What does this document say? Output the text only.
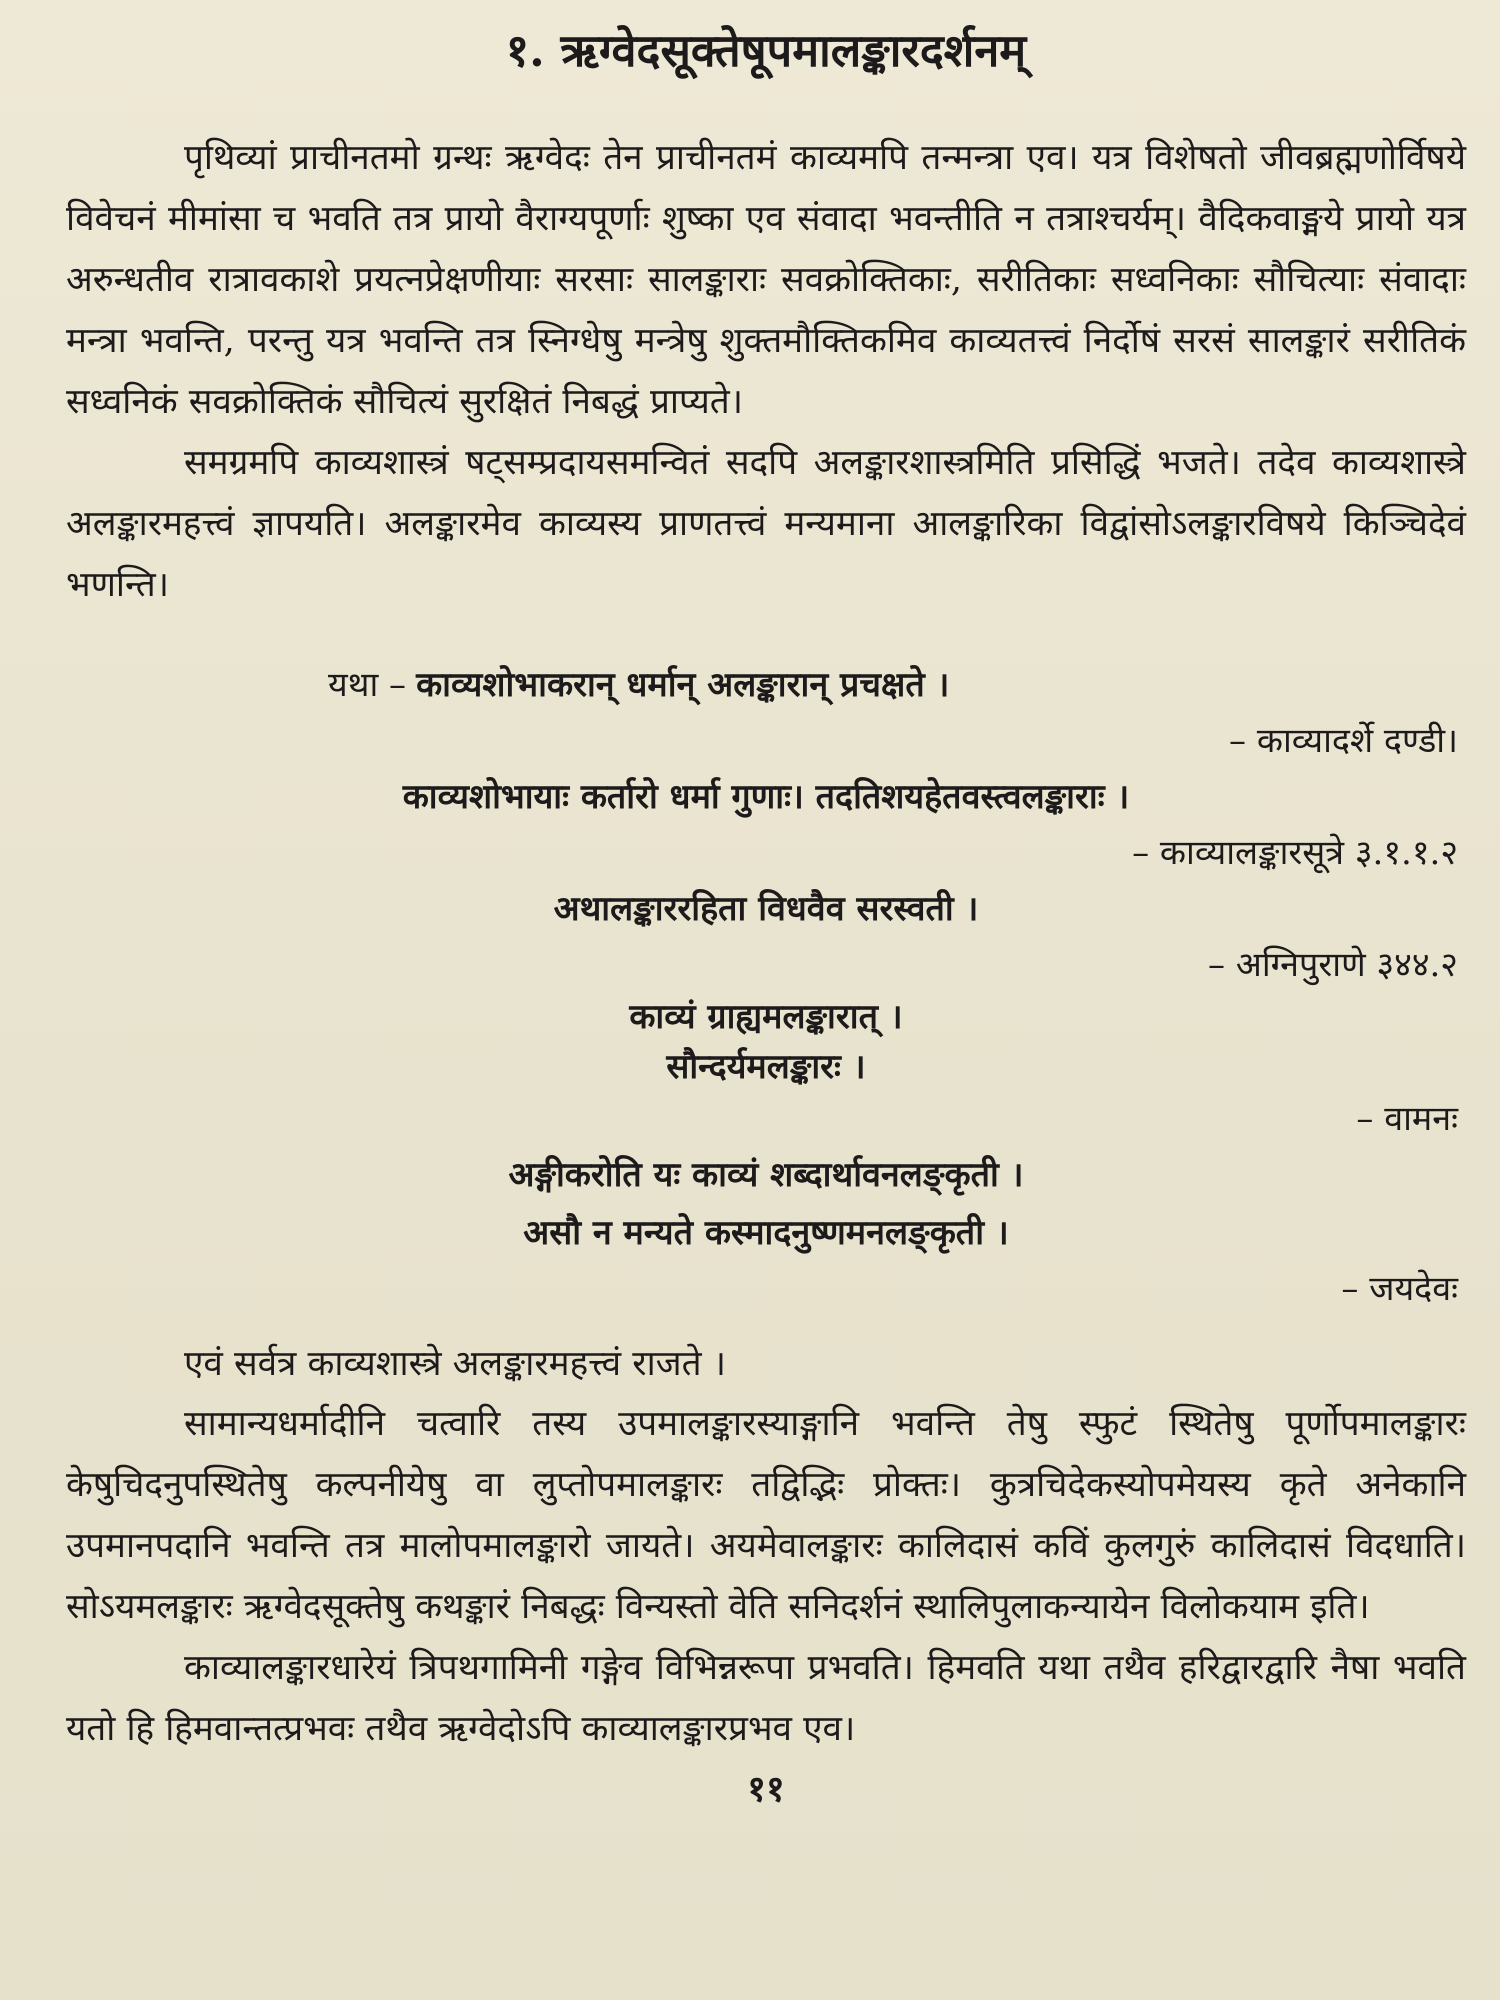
१. ऋग्वेदसूक्तेषूपमालङ्कारदर्शनम्

पृथिव्यां प्राचीनतमो ग्रन्थः ऋग्वेदः तेन प्राचीनतमं काव्यमपि तन्मन्त्रा एव। यत्र विशेषतो जीवब्रह्मणोर्विषये विवेचनं मीमांसा च भवति तत्र प्रायो वैराग्यपूर्णाः शुष्का एव संवादा भवन्तीति न तत्राश्चर्यम्। वैदिकवाङ्मये प्रायो यत्र अरुन्धतीव रात्रावकाशे प्रयत्नप्रेक्षणीयाः सरसाः सालङ्काराः सवक्रोक्तिकाः, सरीतिकाः सध्वनिकाः सौचित्याः संवादाः मन्त्रा भवन्ति, परन्तु यत्र भवन्ति तत्र स्निग्धेषु मन्त्रेषु शुक्तमौक्तिकमिव काव्यतत्त्वं निर्दोषं सरसं सालङ्कारं सरीतिकं सध्वनिकं सवक्रोक्तिकं सौचित्यं सुरक्षितं निबद्धं प्राप्यते।

समग्रमपि काव्यशास्त्रं षट्सम्प्रदायसमन्वितं सदपि अलङ्कारशास्त्रमिति प्रसिद्धिं भजते। तदेव काव्यशास्त्रे अलङ्कारमहत्त्वं ज्ञापयति। अलङ्कारमेव काव्यस्य प्राणतत्त्वं मन्यमाना आलङ्कारिका विद्वांसोऽलङ्कारविषये किञ्चिदेवं भणन्ति।

यथा – काव्यशोभाकरान् धर्मान् अलङ्कारान् प्रचक्षते ।

– काव्यादर्शे दण्डी।

काव्यशोभायाः कर्तारो धर्मा गुणाः। तदतिशयहेतवस्त्वलङ्काराः ।

– काव्यालङ्कारसूत्रे ३.१.१.२

अथालङ्काररहिता विधवैव सरस्वती ।

– अग्निपुराणे ३४४.२

काव्यं ग्राह्यमलङ्कारात् ।

सौन्दर्यमलङ्कारः ।

– वामनः

अङ्गीकरोति यः काव्यं शब्दार्थावनलङ्कृती ।

असौ न मन्यते कस्मादनुष्णमनलङ्कृती ।

– जयदेवः

एवं सर्वत्र काव्यशास्त्रे अलङ्कारमहत्त्वं राजते ।

सामान्यधर्मादीनि चत्वारि तस्य उपमालङ्कारस्याङ्गानि भवन्ति तेषु स्फुटं स्थितेषु पूर्णोपमालङ्कारः केषुचिदनुपस्थितेषु कल्पनीयेषु वा लुप्तोपमालङ्कारः तद्विद्भिः प्रोक्तः। कुत्रचिदेकस्योपमेयस्य कृते अनेकानि उपमानपदानि भवन्ति तत्र मालोपमालङ्कारो जायते। अयमेवालङ्कारः कालिदासं कविं कुलगुरुं कालिदासं विदधाति। सोऽयमलङ्कारः ऋग्वेदसूक्तेषु कथङ्कारं निबद्धः विन्यस्तो वेति सनिदर्शनं स्थालिपुलाकन्यायेन विलोकयाम इति।

काव्यालङ्कारधारेयं त्रिपथगामिनी गङ्गेव विभिन्नरूपा प्रभवति। हिमवति यथा तथैव हरिद्वारद्वारि नैषा भवति यतो हि हिमवान्तत्प्रभवः तथैव ऋग्वेदोऽपि काव्यालङ्कारप्रभव एव।

११
